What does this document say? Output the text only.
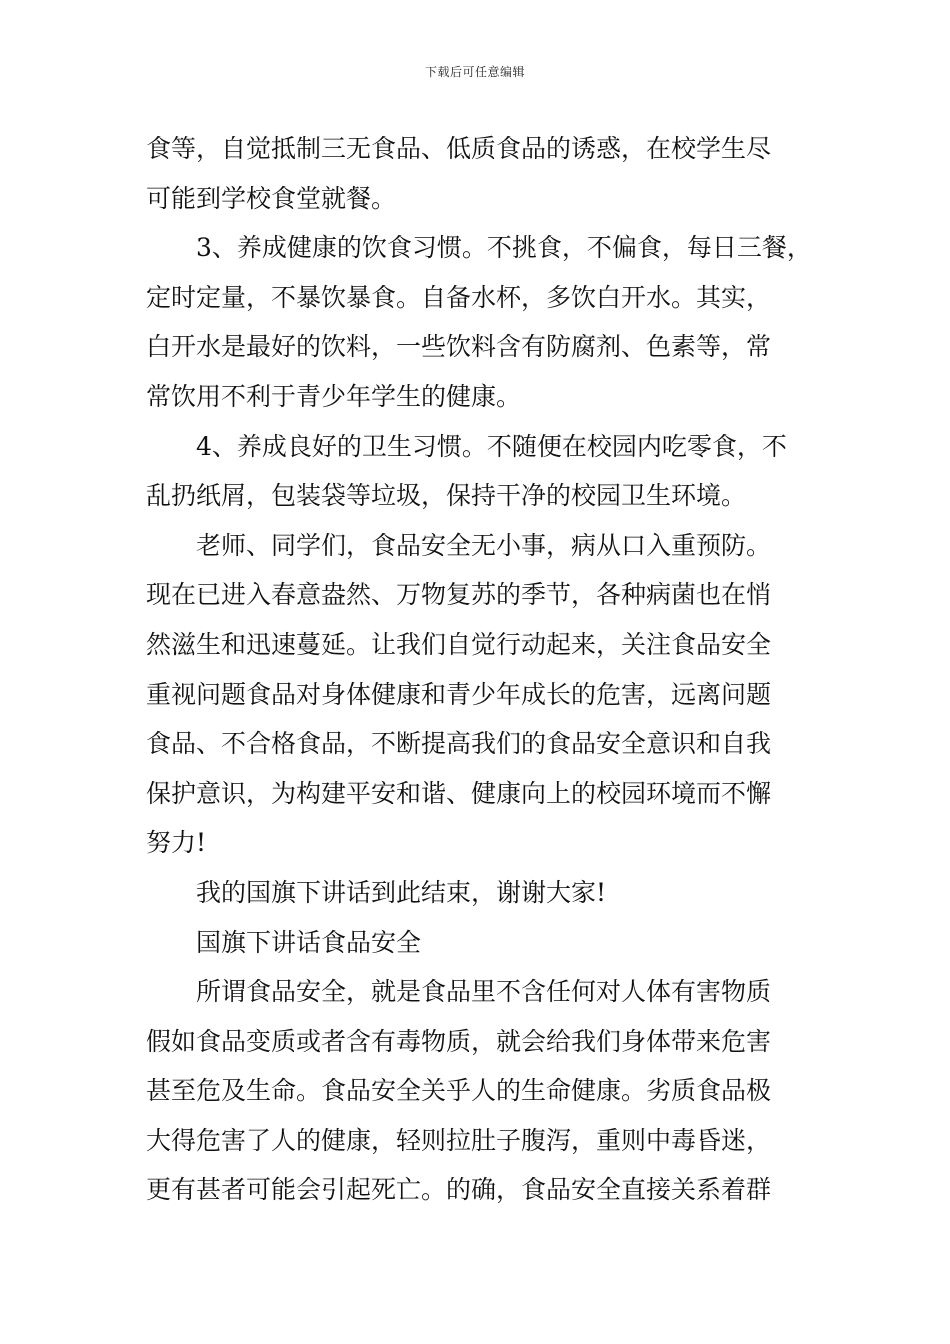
下载后可任意编辑
食等，自觉抵制三无食品、低质食品的诱惑，在校学生尽
可能到学校食堂就餐。
3、养成健康的饮食习惯。不挑食，不偏食，每日三餐，
定时定量，不暴饮暴食。自备水杯，多饮白开水。其实，
白开水是最好的饮料，一些饮料含有防腐剂、色素等，常
常饮用不利于青少年学生的健康。
4、养成良好的卫生习惯。不随便在校园内吃零食，不
乱扔纸屑，包装袋等垃圾，保持干净的校园卫生环境。
老师、同学们，食品安全无小事，病从口入重预防。
现在已进入春意盎然、万物复苏的季节，各种病菌也在悄
然滋生和迅速蔓延。让我们自觉行动起来，关注食品安全
重视问题食品对身体健康和青少年成长的危害，远离问题
食品、不合格食品，不断提高我们的食品安全意识和自我
保护意识，为构建平安和谐、健康向上的校园环境而不懈
努力!
我的国旗下讲话到此结束，谢谢大家!
国旗下讲话食品安全
所谓食品安全，就是食品里不含任何对人体有害物质
假如食品变质或者含有毒物质，就会给我们身体带来危害
甚至危及生命。食品安全关乎人的生命健康。劣质食品极
大得危害了人的健康，轻则拉肚子腹泻，重则中毒昏迷，
更有甚者可能会引起死亡。的确，食品安全直接关系着群
